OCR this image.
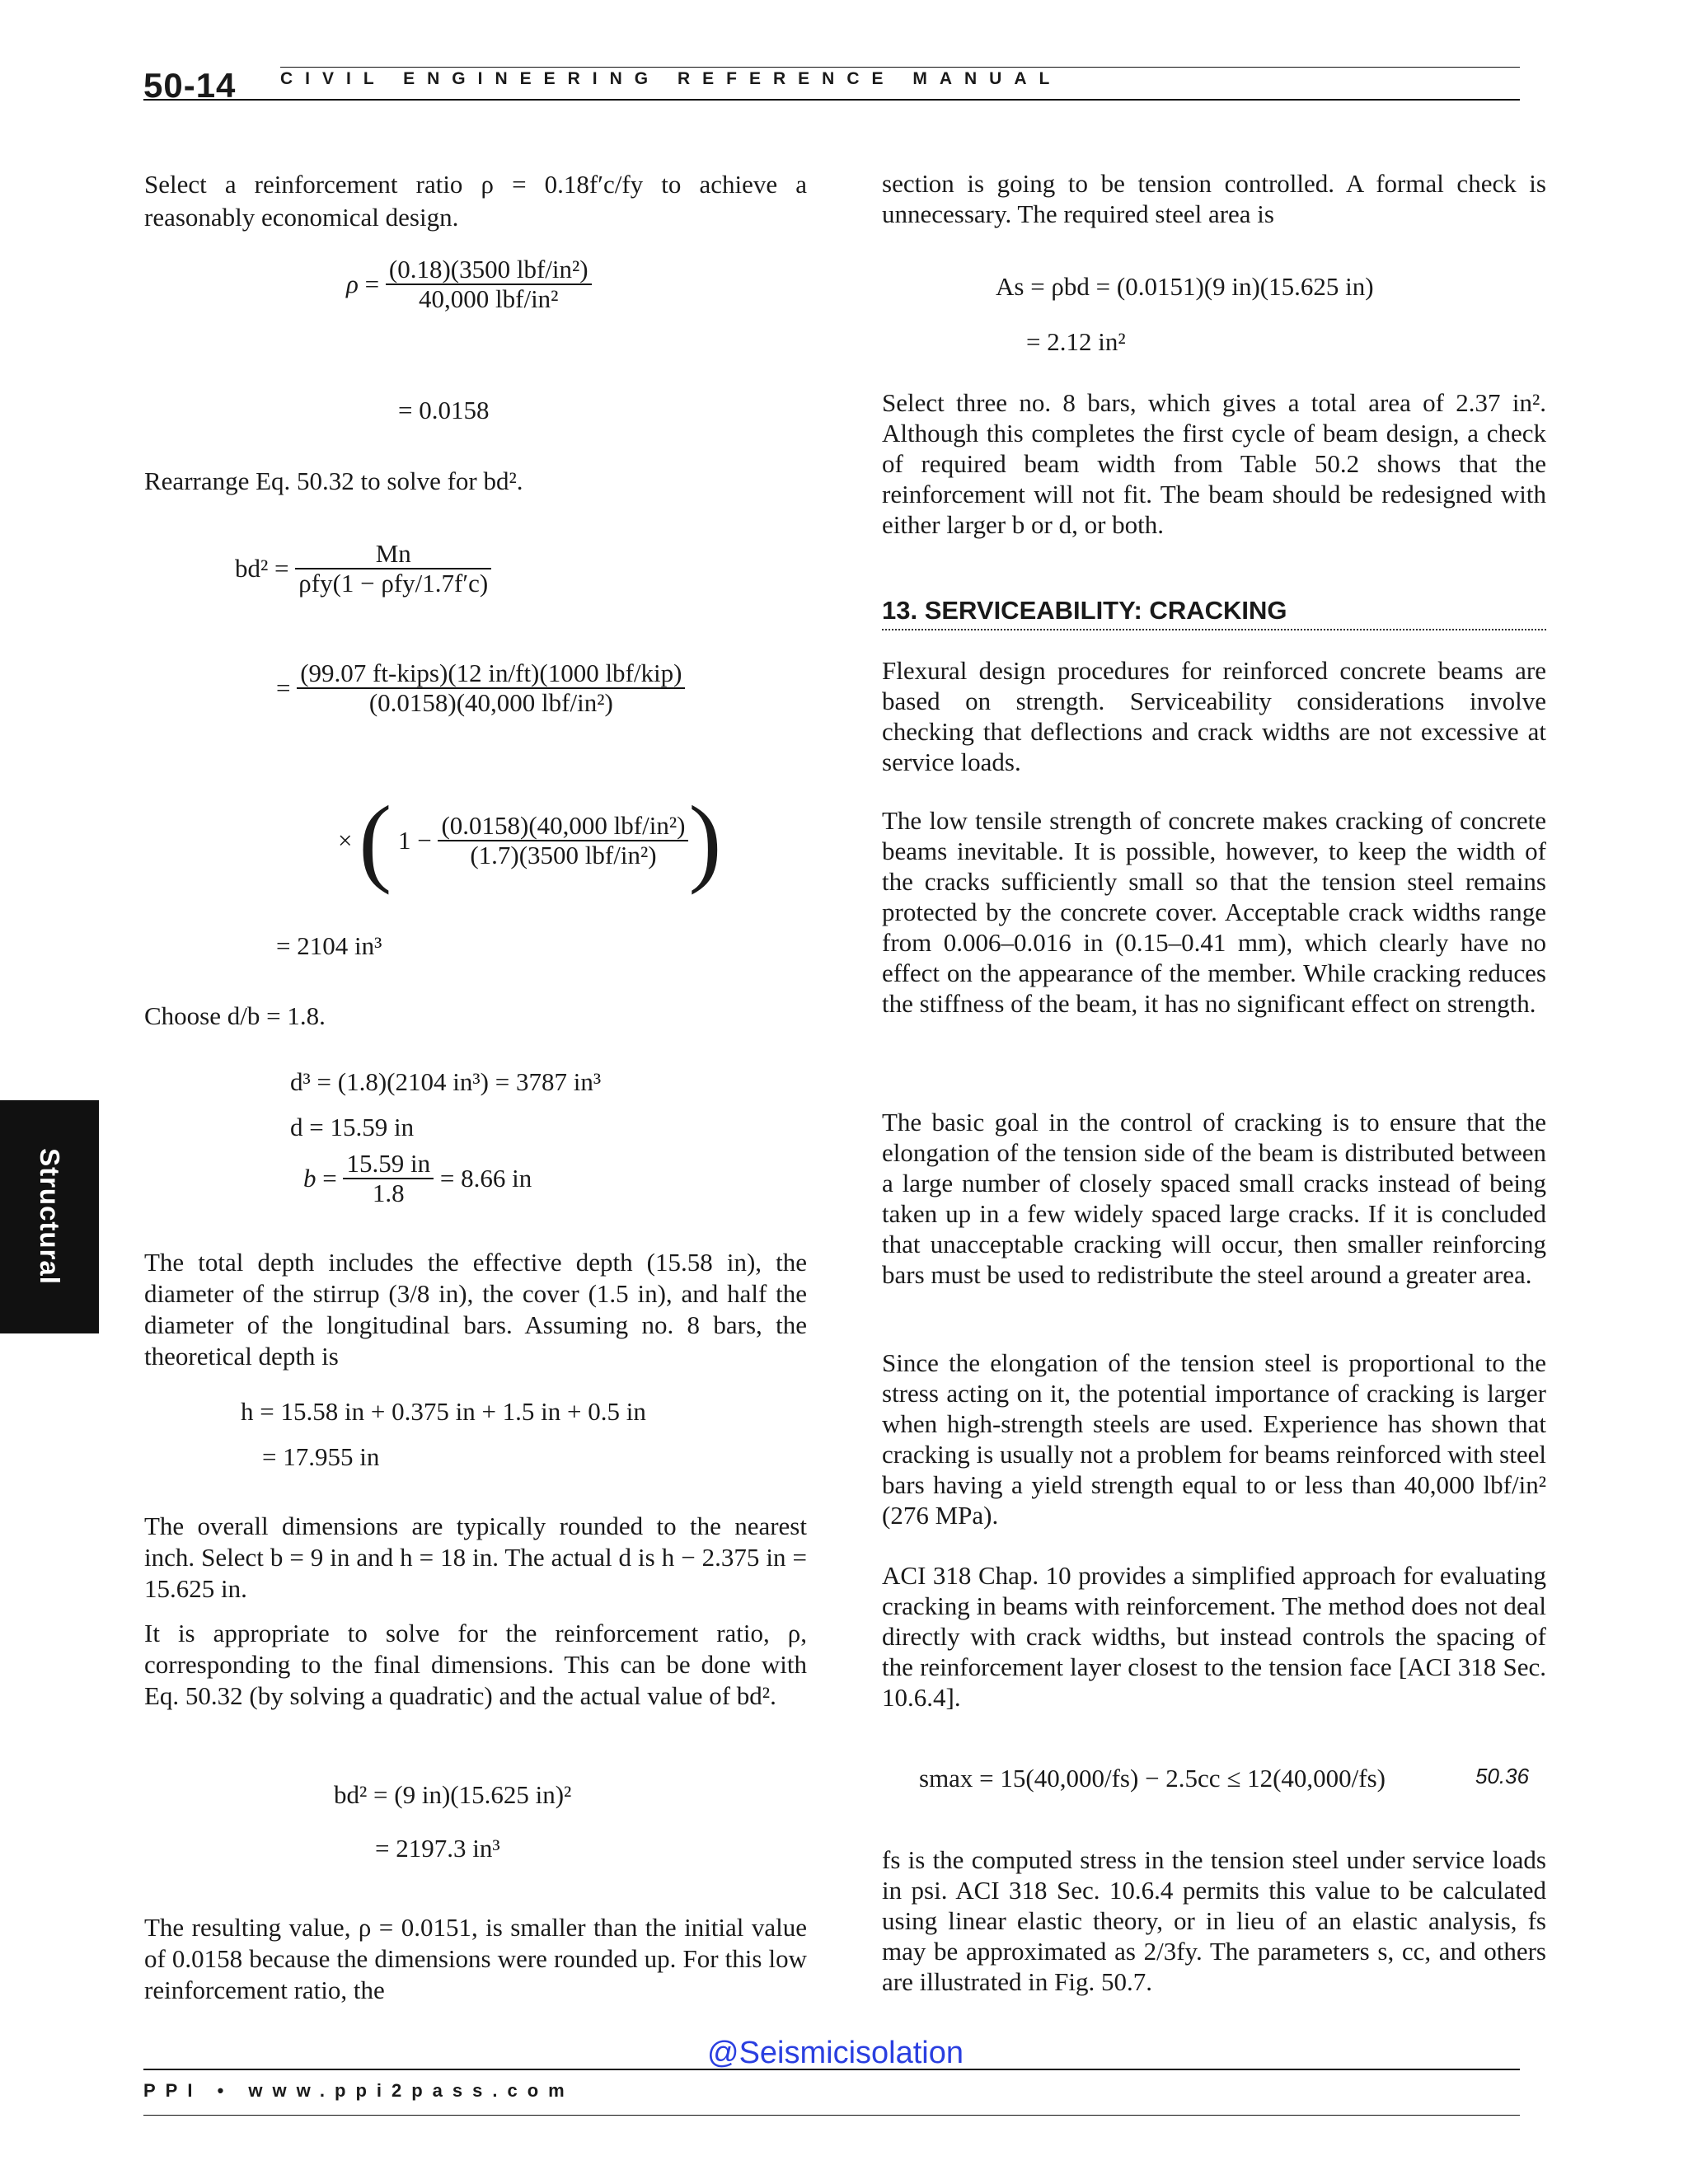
50-14	CIVIL ENGINEERING REFERENCE MANUAL
Structural

Select a reinforcement ratio ρ = 0.18f′c/fy to achieve a reasonably economical design.

$\rho = \frac{\text{(0.18)(3500 lbf/in²)}}{\text{40,000 lbf/in²}}$
= 0.0158

Rearrange Eq. 50.32 to solve for bd².

$bd^2 = \frac{Mn}{\text{ρfy(1 − ρfy/1.7f′c)}}$
= $\frac{\text{(99.07 ft-kips)(12 in/ft)(1000 lbf/kip)}}{\text{(0.0158)(40,000 lbf/in²)}}$
× ( $1 - \frac{\text{(0.0158)(40,000 lbf/in²)}}{\text{(1.7)(3500 lbf/in²)}}$ )
= 2104 in³

Choose d/b = 1.8.

d³ = (1.8)(2104 in³) = 3787 in³
d = 15.59 in
$b = \frac{15.59 in}{1.8} = 8.66$ in

The total depth includes the effective depth (15.58 in), the diameter of the stirrup (3/8 in), the cover (1.5 in), and half the diameter of the longitudinal bars. Assuming no. 8 bars, the theoretical depth is

h = 15.58 in + 0.375 in + 1.5 in + 0.5 in
= 17.955 in

The overall dimensions are typically rounded to the nearest inch. Select b = 9 in and h = 18 in. The actual d is h − 2.375 in = 15.625 in.

It is appropriate to solve for the reinforcement ratio, ρ, corresponding to the final dimensions. This can be done with Eq. 50.32 (by solving a quadratic) and the actual value of bd².

bd² = (9 in)(15.625 in)²
= 2197.3 in³

The resulting value, ρ = 0.0151, is smaller than the initial value of 0.0158 because the dimensions were rounded up. For this low reinforcement ratio, the

section is going to be tension controlled. A formal check is unnecessary. The required steel area is

As = ρbd = (0.0151)(9 in)(15.625 in)
= 2.12 in²

Select three no. 8 bars, which gives a total area of 2.37 in². Although this completes the first cycle of beam design, a check of required beam width from Table 50.2 shows that the reinforcement will not fit. The beam should be redesigned with either larger b or d, or both.

13. SERVICEABILITY: CRACKING

Flexural design procedures for reinforced concrete beams are based on strength. Serviceability considerations involve checking that deflections and crack widths are not excessive at service loads.

The low tensile strength of concrete makes cracking of concrete beams inevitable. It is possible, however, to keep the width of the cracks sufficiently small so that the tension steel remains protected by the concrete cover. Acceptable crack widths range from 0.006–0.016 in (0.15–0.41 mm), which clearly have no effect on the appearance of the member. While cracking reduces the stiffness of the beam, it has no significant effect on strength.

The basic goal in the control of cracking is to ensure that the elongation of the tension side of the beam is distributed between a large number of closely spaced small cracks instead of being taken up in a few widely spaced large cracks. If it is concluded that unacceptable cracking will occur, then smaller reinforcing bars must be used to redistribute the steel around a greater area.

Since the elongation of the tension steel is proportional to the stress acting on it, the potential importance of cracking is larger when high-strength steels are used. Experience has shown that cracking is usually not a problem for beams reinforced with steel bars having a yield strength equal to or less than 40,000 lbf/in² (276 MPa).

ACI 318 Chap. 10 provides a simplified approach for evaluating cracking in beams with reinforcement. The method does not deal directly with crack widths, but instead controls the spacing of the reinforcement layer closest to the tension face [ACI 318 Sec. 10.6.4].

smax = 15(40,000/fs) − 2.5cc ≤ 12(40,000/fs)	50.36

fs is the computed stress in the tension steel under service loads in psi. ACI 318 Sec. 10.6.4 permits this value to be calculated using linear elastic theory, or in lieu of an elastic analysis, fs may be approximated as 2/3fy. The parameters s, cc, and others are illustrated in Fig. 50.7.

@Seismicisolation
PPI • www.ppi2pass.com
